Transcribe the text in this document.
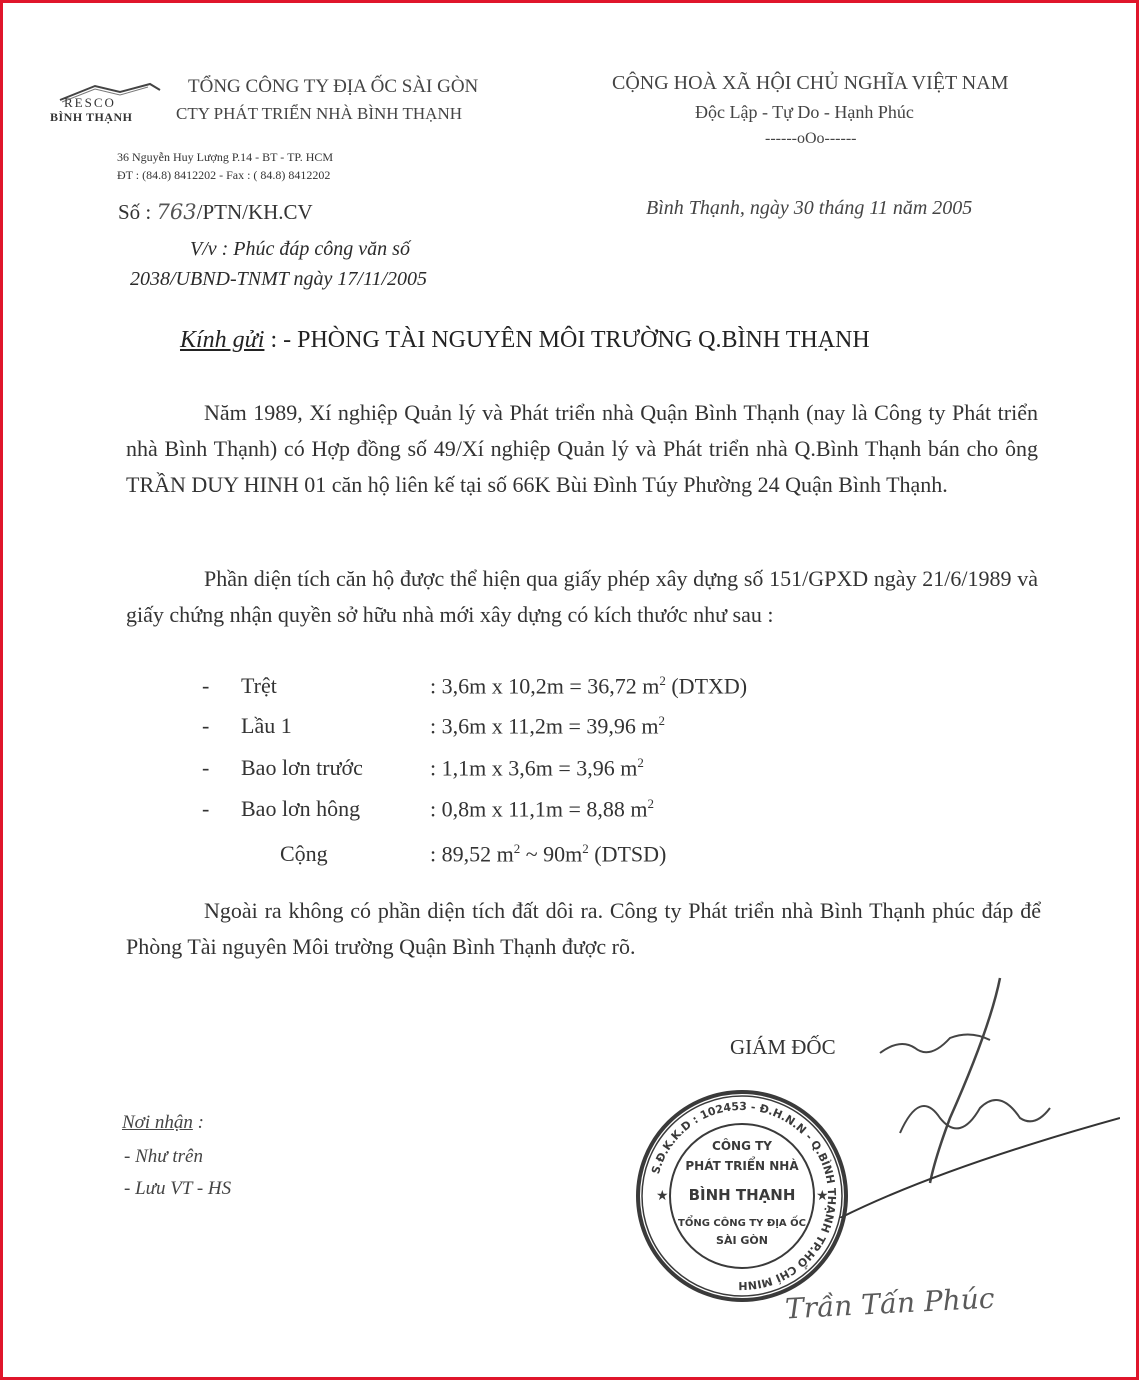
RESCO
BÌNH THẠNH
TỔNG CÔNG TY ĐỊA ỐC SÀI GÒN
CTY PHÁT TRIỂN NHÀ BÌNH THẠNH
36 Nguyễn Huy Lượng P.14 - BT - TP. HCM
ĐT : (84.8) 8412202 - Fax : ( 84.8) 8412202
CỘNG HOÀ XÃ HỘI CHỦ NGHĨA VIỆT NAM
Độc Lập - Tự Do - Hạnh Phúc
------oOo------
Số : 763/PTN/KH.CV	Bình Thạnh, ngày 30 tháng 11 năm 2005
V/v : Phúc đáp công văn số
2038/UBND-TNMT ngày 17/11/2005
Kính gửi : - PHÒNG TÀI NGUYÊN MÔI TRƯỜNG Q.BÌNH THẠNH
Năm 1989, Xí nghiệp Quản lý và Phát triển nhà Quận Bình Thạnh (nay là Công ty Phát triển nhà Bình Thạnh) có Hợp đồng số 49/Xí nghiệp Quản lý và Phát triển nhà Q.Bình Thạnh bán cho ông TRẦN DUY HINH 01 căn hộ liên kế tại số 66K Bùi Đình Túy Phường 24 Quận Bình Thạnh.
Phần diện tích căn hộ được thể hiện qua giấy phép xây dựng số 151/GPXD ngày 21/6/1989 và giấy chứng nhận quyền sở hữu nhà mới xây dựng có kích thước như sau :
- Trệt	: 3,6m x 10,2m = 36,72 $m^2$ (DTXD)
- Lầu 1	: 3,6m x 11,2m = 39,96 $m^2$
- Bao lơn trước	: 1,1m x 3,6m = 3,96 $m^2$
- Bao lơn hông	: 0,8m x 11,1m = 8,88 $m^2$
Cộng	: 89,52 $m^2$ ~ $90m^2$ (DTSD)
Ngoài ra không có phần diện tích đất dôi ra. Công ty Phát triển nhà Bình Thạnh phúc đáp để Phòng Tài nguyên Môi trường Quận Bình Thạnh được rõ.
GIÁM ĐỐC
S.Đ.K.K.D : 102453 - Đ.H.N.N - Q.BÌNH THẠNH TP.HỒ CHÍ MINH
★	★
CÔNG TY
PHÁT TRIỂN NHÀ
BÌNH THẠNH
TỔNG CÔNG TY ĐỊA ỐC
SÀI GÒN
Trần Tấn Phúc
Nơi nhận :
- Như trên
- Lưu VT - HS
